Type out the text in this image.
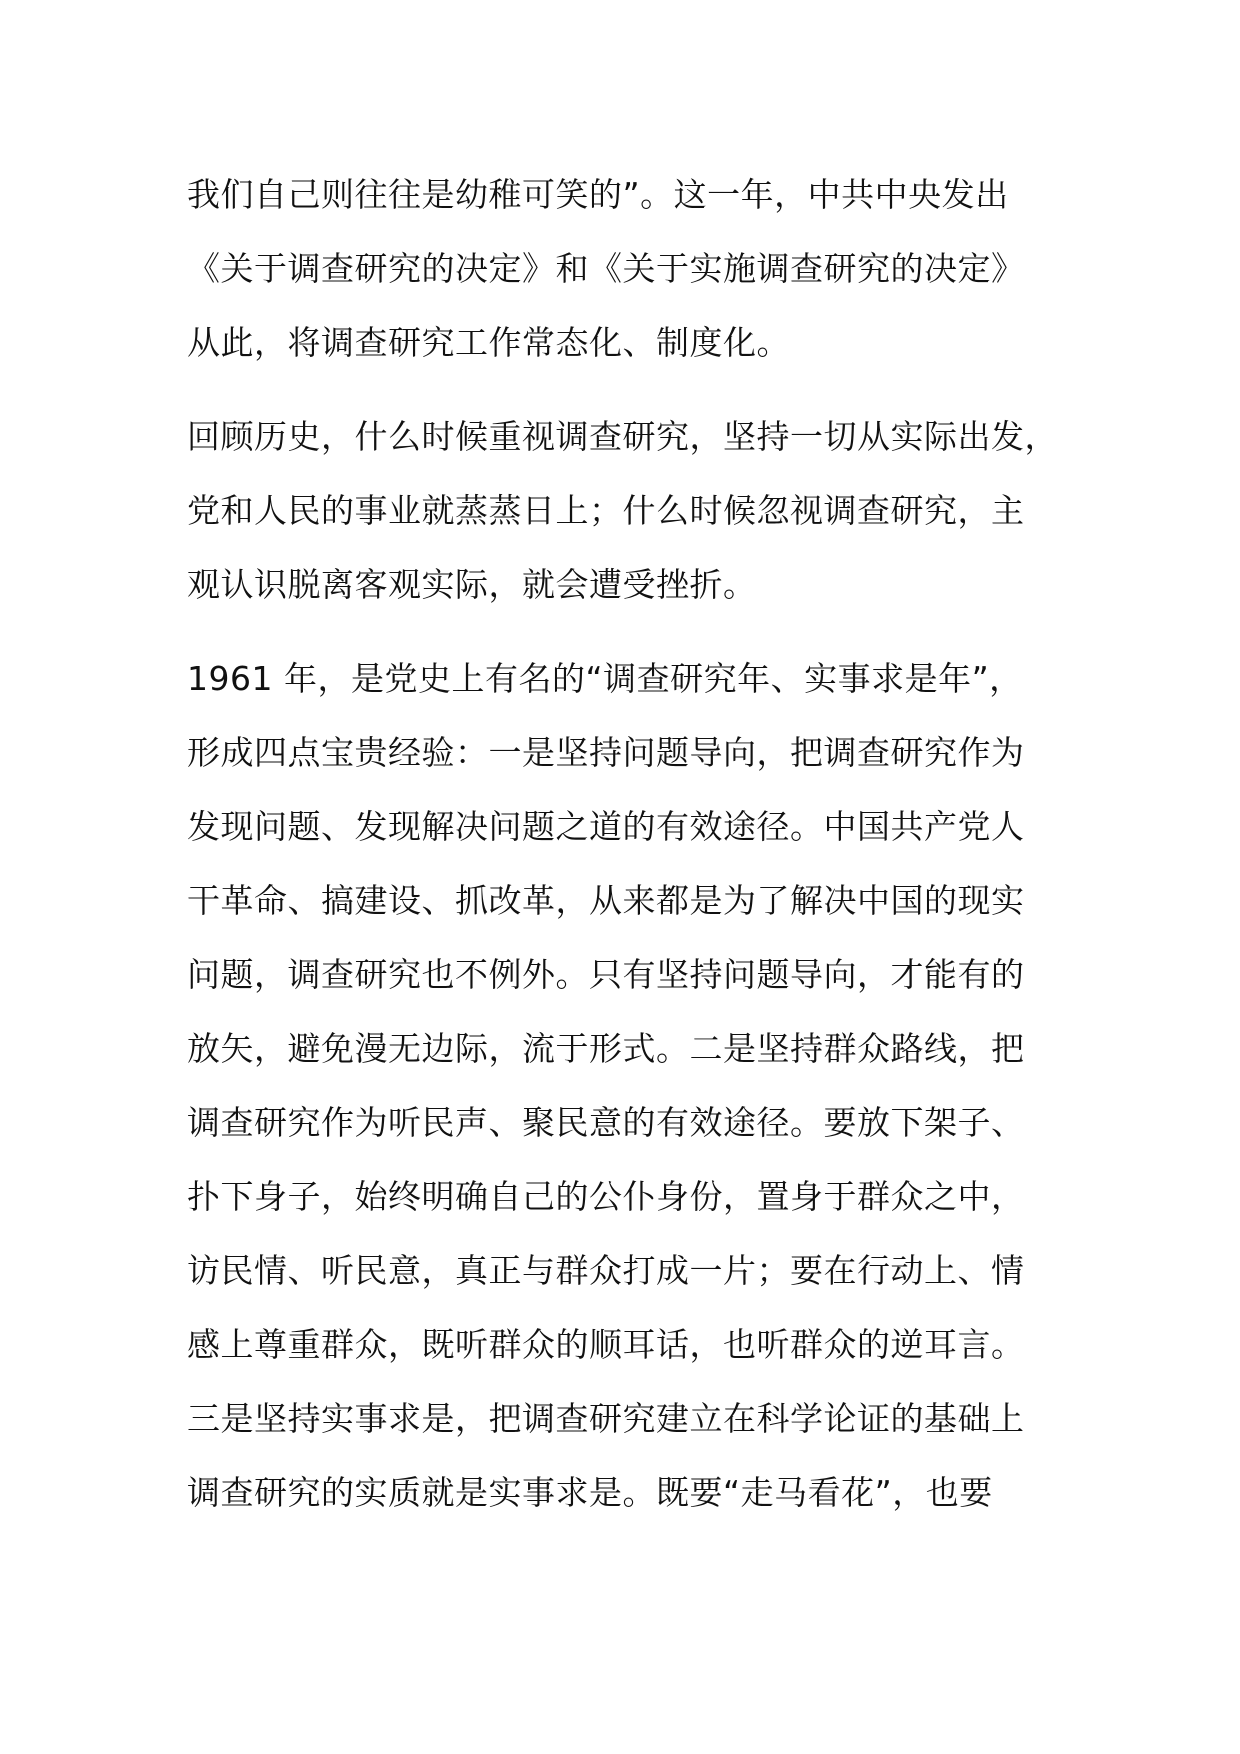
我们自己则往往是幼稚可笑的”。这一年，中共中央发出
《关于调查研究的决定》和《关于实施调查研究的决定》
从此，将调查研究工作常态化、制度化。
回顾历史，什么时候重视调查研究，坚持一切从实际出发，
党和人民的事业就蒸蒸日上；什么时候忽视调查研究，主
观认识脱离客观实际，就会遭受挫折。
1961 年，是党史上有名的“调查研究年、实事求是年”，
形成四点宝贵经验：一是坚持问题导向，把调查研究作为
发现问题、发现解决问题之道的有效途径。中国共产党人
干革命、搞建设、抓改革，从来都是为了解决中国的现实
问题，调查研究也不例外。只有坚持问题导向，才能有的
放矢，避免漫无边际，流于形式。二是坚持群众路线，把
调查研究作为听民声、聚民意的有效途径。要放下架子、
扑下身子，始终明确自己的公仆身份，置身于群众之中，
访民情、听民意，真正与群众打成一片；要在行动上、情
感上尊重群众，既听群众的顺耳话，也听群众的逆耳言。
三是坚持实事求是，把调查研究建立在科学论证的基础上
调查研究的实质就是实事求是。既要“走马看花”，也要
